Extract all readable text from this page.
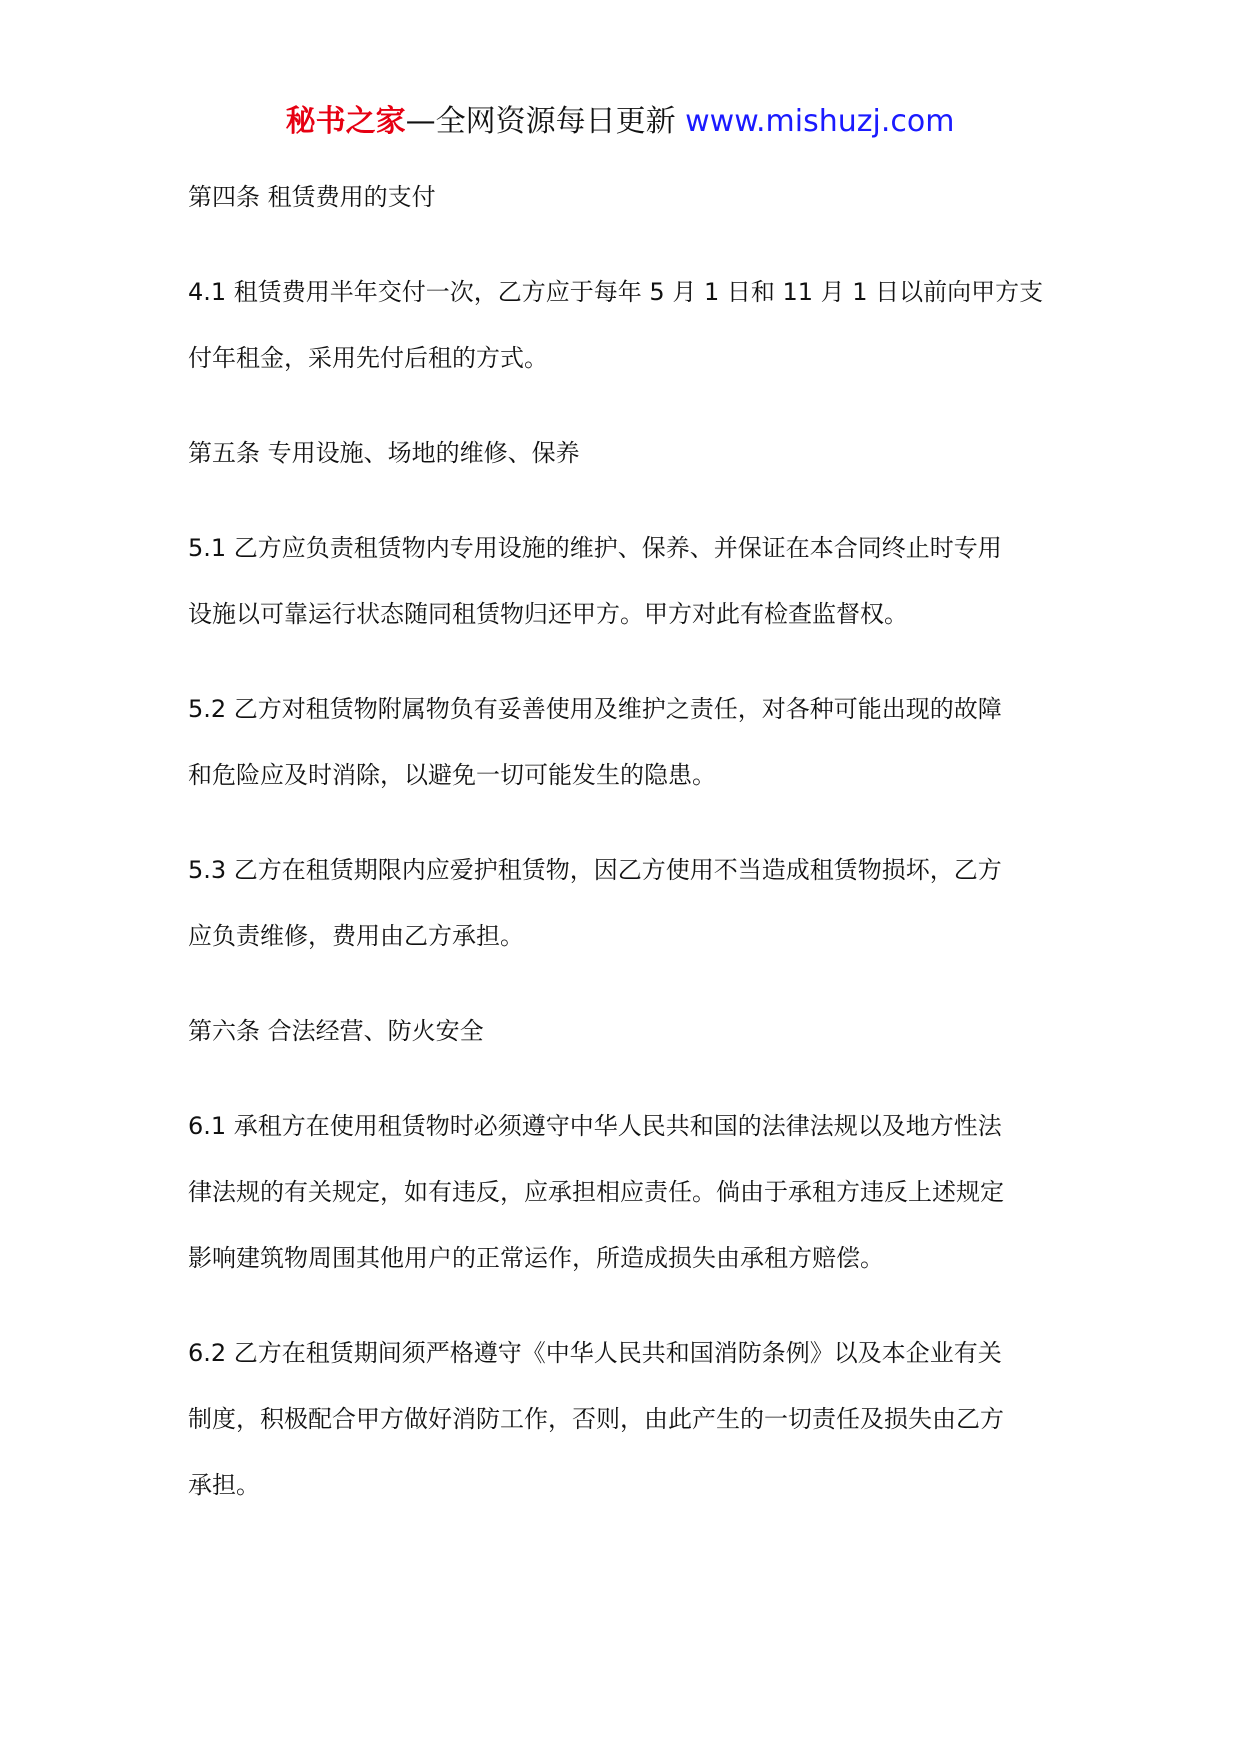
秘书之家—全网资源每日更新 www.mishuzj.com
第四条 租赁费用的支付
4.1 租赁费用半年交付一次，乙方应于每年 5 月 1 日和 11 月 1 日以前向甲方支
付年租金，采用先付后租的方式。
第五条 专用设施、场地的维修、保养
5.1 乙方应负责租赁物内专用设施的维护、保养、并保证在本合同终止时专用
设施以可靠运行状态随同租赁物归还甲方。甲方对此有检查监督权。
5.2 乙方对租赁物附属物负有妥善使用及维护之责任，对各种可能出现的故障
和危险应及时消除，以避免一切可能发生的隐患。
5.3 乙方在租赁期限内应爱护租赁物，因乙方使用不当造成租赁物损坏，乙方
应负责维修，费用由乙方承担。
第六条 合法经营、防火安全
6.1 承租方在使用租赁物时必须遵守中华人民共和国的法律法规以及地方性法
律法规的有关规定，如有违反，应承担相应责任。倘由于承租方违反上述规定
影响建筑物周围其他用户的正常运作，所造成损失由承租方赔偿。
6.2 乙方在租赁期间须严格遵守《中华人民共和国消防条例》以及本企业有关
制度，积极配合甲方做好消防工作，否则，由此产生的一切责任及损失由乙方
承担。
